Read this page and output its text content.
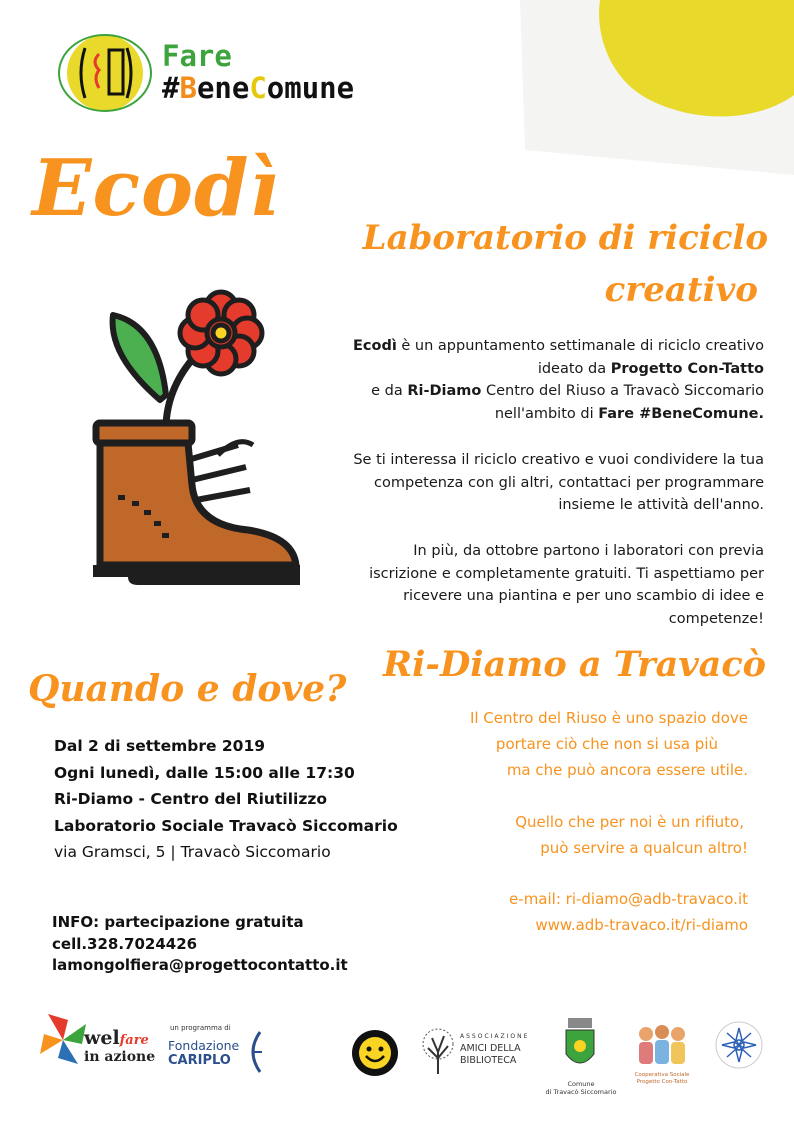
Fare
#BeneComune
Ecodì
Laboratorio di riciclo
creativo
Ecodì è un appuntamento settimanale di riciclo creativo
ideato da Progetto Con-Tatto
e da Ri-Diamo Centro del Riuso a Travacò Siccomario
nell'ambito di Fare #BeneComune.
Se ti interessa il riciclo creativo e vuoi condividere la tua
competenza con gli altri, contattaci per programmare
insieme le attività dell'anno.
In più, da ottobre partono i laboratori con previa
iscrizione e completamente gratuiti. Ti aspettiamo per
ricevere una piantina e per uno scambio di idee e
competenze!
Ri-Diamo a Travacò
Il Centro del Riuso è uno spazio dove
portare ciò che non si usa più
ma che può ancora essere utile.
Quello che per noi è un rifiuto,
può servire a qualcun altro!
e-mail: ri-diamo@adb-travaco.it
www.adb-travaco.it/ri-diamo
Quando e dove?
Dal 2 di settembre 2019
Ogni lunedì, dalle 15:00 alle 17:30
Ri-Diamo - Centro del Riutilizzo
Laboratorio Sociale Travacò Siccomario
via Gramsci, 5 | Travacò Siccomario
INFO: partecipazione gratuita
cell.328.7024426
lamongolfiera@progettocontatto.it
welfare
in azione
un programma di
Fondazione
CARIPLO
ASSOCIAZIONE
AMICI DELLA
BIBLIOTECA
Comune
di Travacò Siccomario
Cooperativa Sociale
Progetto Con-Tatto
